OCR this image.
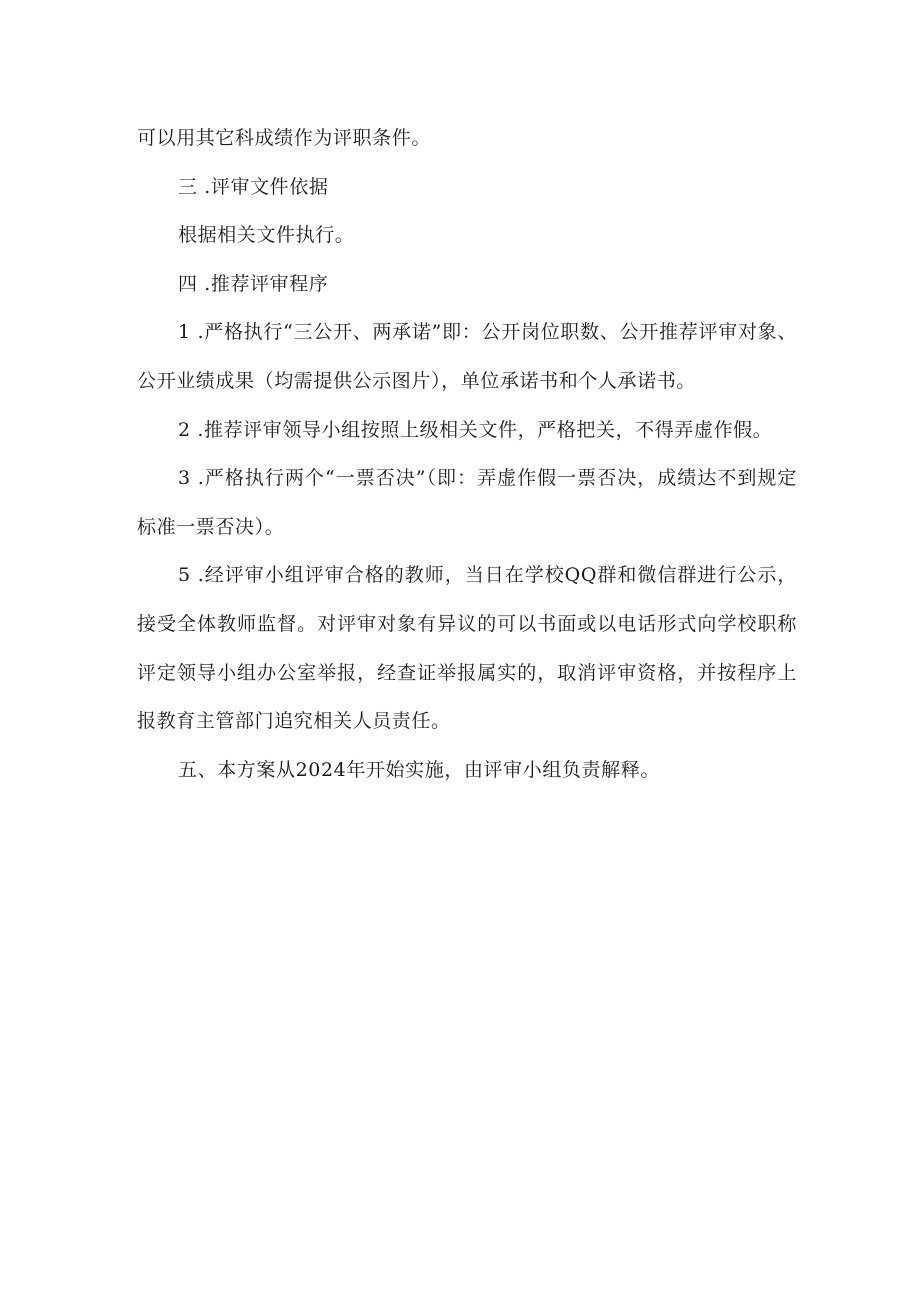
可以用其它科成绩作为评职条件。

三 .评审文件依据

根据相关文件执行。

四 .推荐评审程序

1 .严格执行“三公开、两承诺”即：公开岗位职数、公开推荐评审对象、公开业绩成果（均需提供公示图片），单位承诺书和个人承诺书。

2 .推荐评审领导小组按照上级相关文件，严格把关，不得弄虚作假。

3 .严格执行两个“一票否决”（即：弄虚作假一票否决，成绩达不到规定标准一票否决）。

5 .经评审小组评审合格的教师，当日在学校QQ群和微信群进行公示，接受全体教师监督。对评审对象有异议的可以书面或以电话形式向学校职称评定领导小组办公室举报，经查证举报属实的，取消评审资格，并按程序上报教育主管部门追究相关人员责任。

五、本方案从2024年开始实施，由评审小组负责解释。
